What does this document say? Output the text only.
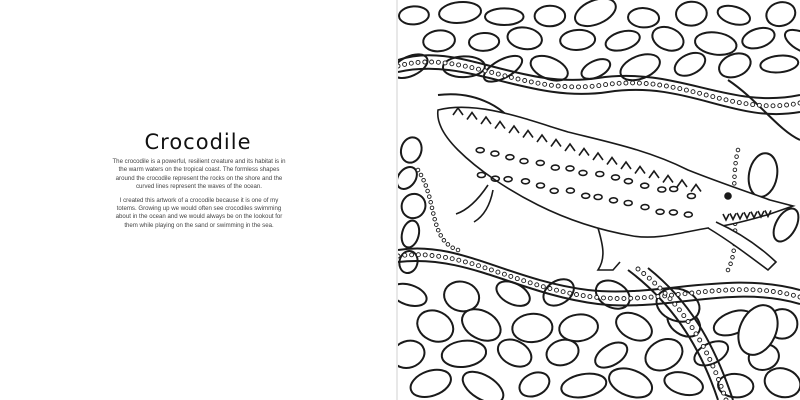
Crocodile

The crocodile is a powerful, resilient creature and its habitat is in the warm waters on the tropical coast. The formless shapes around the crocodile represent the rocks on the shore and the curved lines represent the waves of the ocean.

I created this artwork of a crocodile because it is one of my totems. Growing up we would often see crocodiles swimming about in the ocean and we would always be on the lookout for them while playing on the sand or swimming in the sea.
